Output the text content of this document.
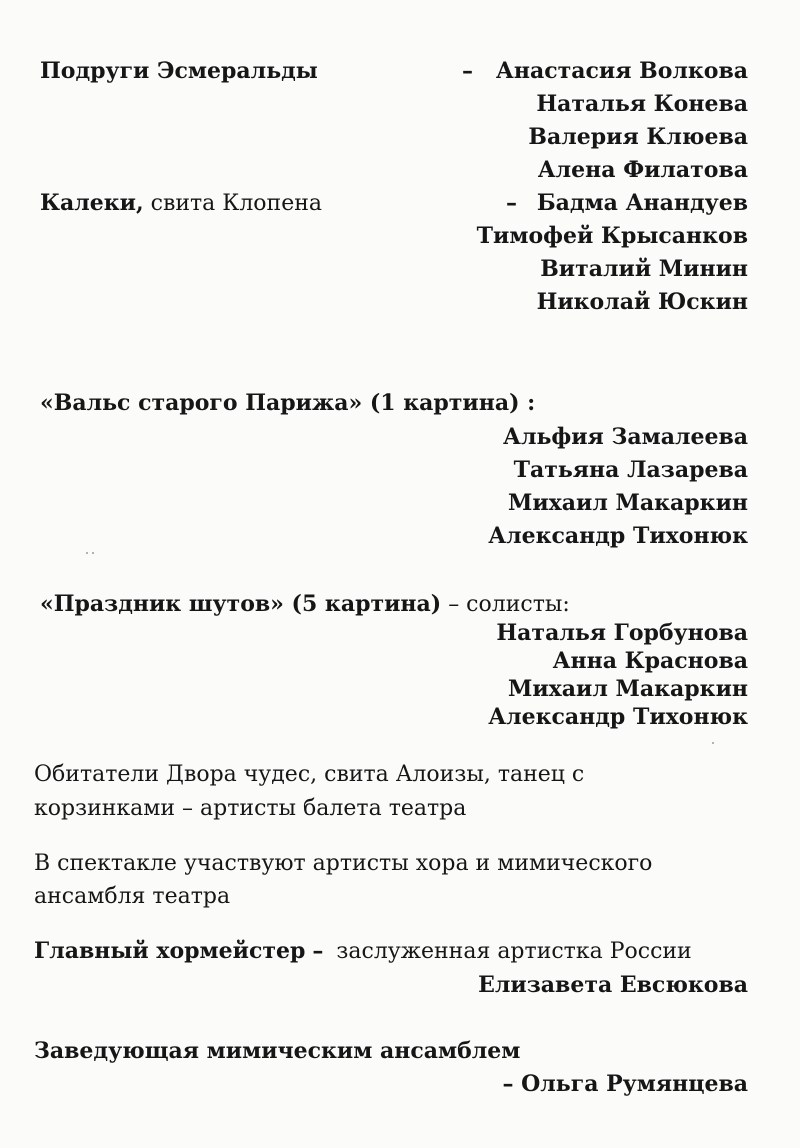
Подруги Эсмеральды	– Анастасия Волкова
Наталья Конева
Валерия Клюева
Алена Филатова
Калеки, свита Клопена	– Бадма Анандуев
Тимофей Крысанков
Виталий Минин
Николай Юскин
«Вальс старого Парижа» (1 картина) :
Альфия Замалеева
Татьяна Лазарева
Михаил Макаркин
Александр Тихонюк
«Праздник шутов» (5 картина) – солисты:
Наталья Горбунова
Анна Краснова
Михаил Макаркин
Александр Тихонюк
Обитатели Двора чудес, свита Алоизы, танец с
корзинками – артисты балета театра
В спектакле участвуют артисты хора и мимического
ансамбля театра
Главный хормейстер – заслуженная артистка России
Елизавета Евсюкова
Заведующая мимическим ансамблем
– Ольга Румянцева
